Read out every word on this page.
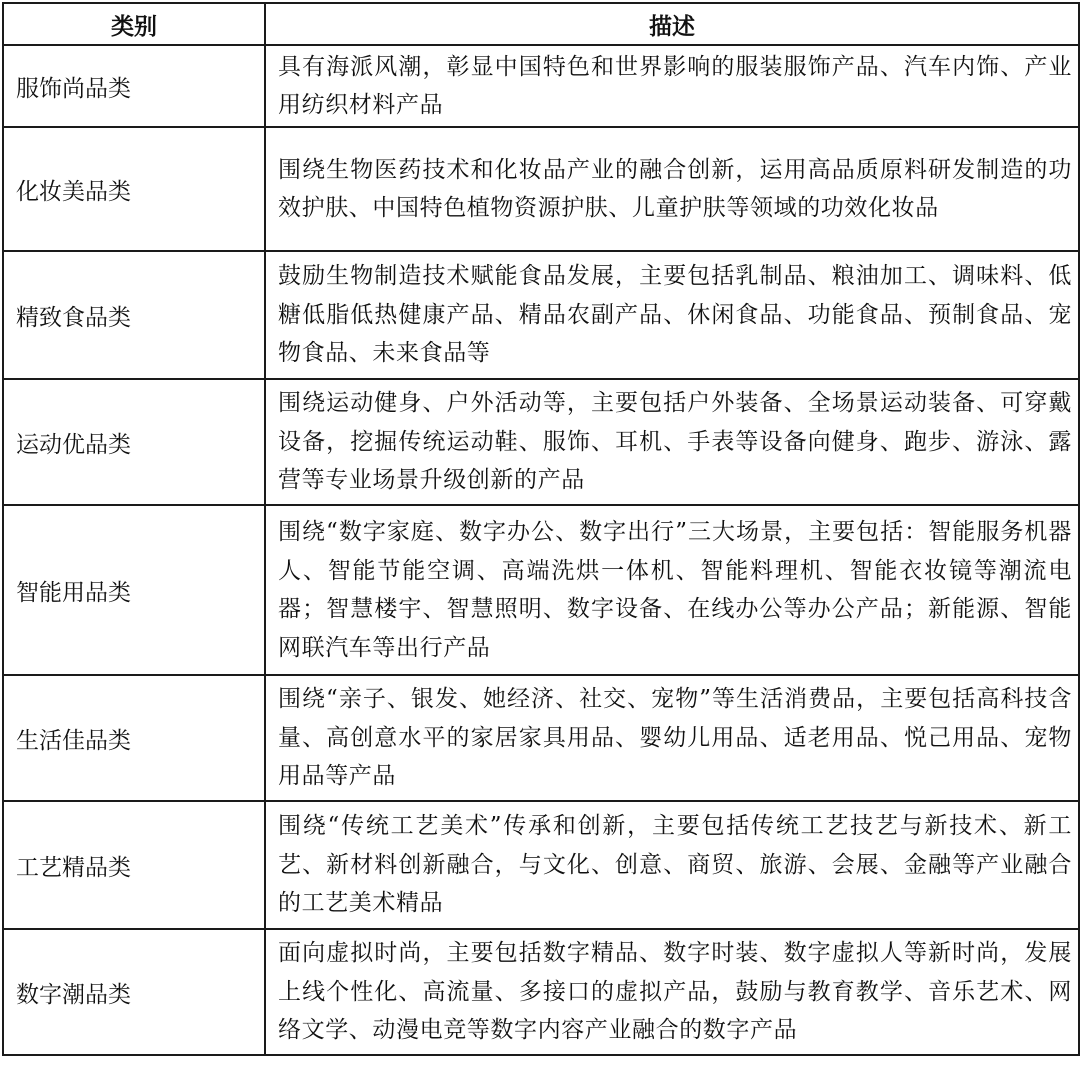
类别	描述
服饰尚品类	具有海派风潮，彰显中国特色和世界影响的服装服饰产品、汽车内饰、产业用纺织材料产品
化妆美品类	围绕生物医药技术和化妆品产业的融合创新，运用高品质原料研发制造的功效护肤、中国特色植物资源护肤、儿童护肤等领域的功效化妆品
精致食品类	鼓励生物制造技术赋能食品发展，主要包括乳制品、粮油加工、调味料、低糖低脂低热健康产品、精品农副产品、休闲食品、功能食品、预制食品、宠物食品、未来食品等
运动优品类	围绕运动健身、户外活动等，主要包括户外装备、全场景运动装备、可穿戴设备，挖掘传统运动鞋、服饰、耳机、手表等设备向健身、跑步、游泳、露营等专业场景升级创新的产品
智能用品类	围绕“数字家庭、数字办公、数字出行”三大场景，主要包括：智能服务机器人、智能节能空调、高端洗烘一体机、智能料理机、智能衣妆镜等潮流电器；智慧楼宇、智慧照明、数字设备、在线办公等办公产品；新能源、智能网联汽车等出行产品
生活佳品类	围绕“亲子、银发、她经济、社交、宠物”等生活消费品，主要包括高科技含量、高创意水平的家居家具用品、婴幼儿用品、适老用品、悦己用品、宠物用品等产品
工艺精品类	围绕“传统工艺美术”传承和创新，主要包括传统工艺技艺与新技术、新工艺、新材料创新融合，与文化、创意、商贸、旅游、会展、金融等产业融合的工艺美术精品
数字潮品类	面向虚拟时尚，主要包括数字精品、数字时装、数字虚拟人等新时尚，发展上线个性化、高流量、多接口的虚拟产品，鼓励与教育教学、音乐艺术、网络文学、动漫电竞等数字内容产业融合的数字产品
